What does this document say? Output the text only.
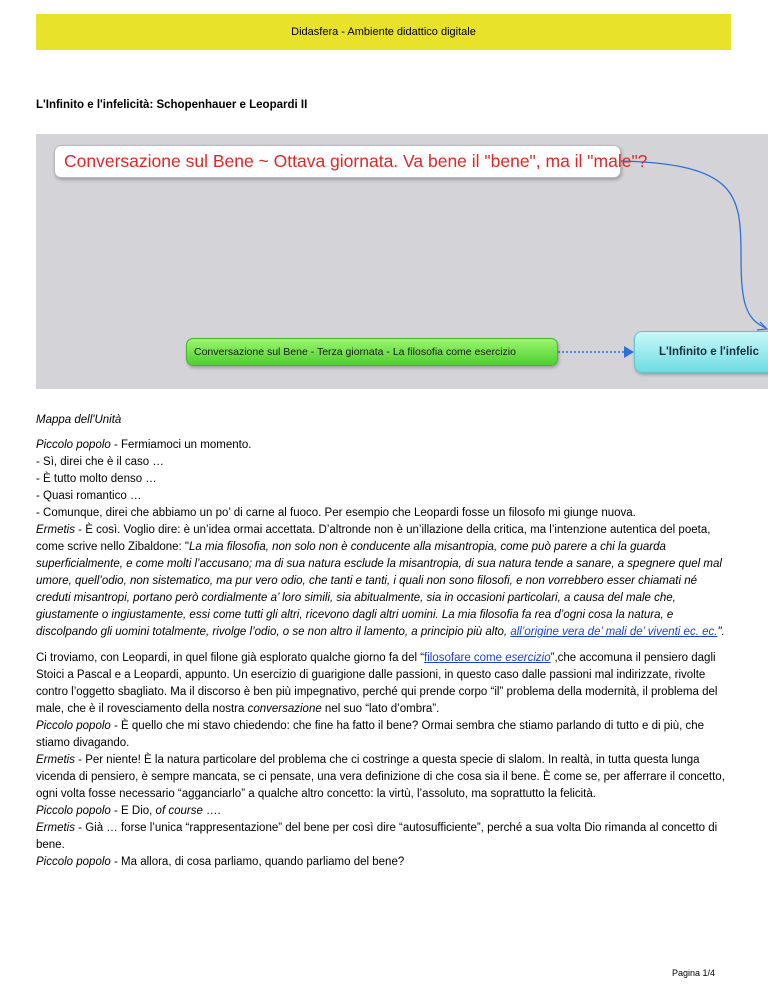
Didasfera - Ambiente didattico digitale
L'Infinito e l'infelicità: Schopenhauer e Leopardi II
Conversazione sul Bene ~ Ottava giornata. Va bene il "bene", ma il "male"?
Conversazione sul Bene - Terza giornata - La filosofia come esercizio	L'Infinito e l'infelic
Mappa dell'Unità

Piccolo popolo - Fermiamoci un momento.

- Sì, direi che è il caso …

- È tutto molto denso …

- Quasi romantico …

- Comunque, direi che abbiamo un po’ di carne al fuoco. Per esempio che Leopardi fosse un filosofo mi giunge nuova.

Ermetis - È così. Voglio dire: è un’idea ormai accettata. D’altronde non è un’illazione della critica, ma l’intenzione autentica del poeta, come scrive nello Zibaldone: "La mia filosofia, non solo non è conducente alla misantropia, come può parere a chi la guarda superficialmente, e come molti l’accusano; ma di sua natura esclude la misantropia, di sua natura tende a sanare, a spegnere quel mal umore, quell’odio, non sistematico, ma pur vero odio, che tanti e tanti, i quali non sono filosofi, e non vorrebbero esser chiamati né creduti misantropi, portano però cordialmente a’ loro simili, sia abitualmente, sia in occasioni particolari, a causa del male che, giustamente o ingiustamente, essi come tutti gli altri, ricevono dagli altri uomini. La mia filosofia fa rea d’ogni cosa la natura, e discolpando gli uomini totalmente, rivolge l’odio, o se non altro il lamento, a principio più alto, all’origine vera de’ mali de’ viventi ec. ec.".

Ci troviamo, con Leopardi, in quel filone già esplorato qualche giorno fa del “filosofare come esercizio”,che accomuna il pensiero dagli Stoici a Pascal e a Leopardi, appunto. Un esercizio di guarigione dalle passioni, in questo caso dalle passioni mal indirizzate, rivolte contro l’oggetto sbagliato. Ma il discorso è ben più impegnativo, perché qui prende corpo “il” problema della modernità, il problema del male, che è il rovesciamento della nostra conversazione nel suo “lato d’ombra”.

Piccolo popolo - È quello che mi stavo chiedendo: che fine ha fatto il bene? Ormai sembra che stiamo parlando di tutto e di più, che stiamo divagando.

Ermetis - Per niente! È la natura particolare del problema che ci costringe a questa specie di slalom. In realtà, in tutta questa lunga vicenda di pensiero, è sempre mancata, se ci pensate, una vera definizione di che cosa sia il bene. È come se, per afferrare il concetto, ogni volta fosse necessario “agganciarlo” a qualche altro concetto: la virtù, l’assoluto, ma soprattutto la felicità.

Piccolo popolo - E Dio, of course ….

Ermetis - Già … forse l’unica “rappresentazione” del bene per così dire “autosufficiente”, perché a sua volta Dio rimanda al concetto di bene.

Piccolo popolo - Ma allora, di cosa parliamo, quando parliamo del bene?

Pagina 1/4
